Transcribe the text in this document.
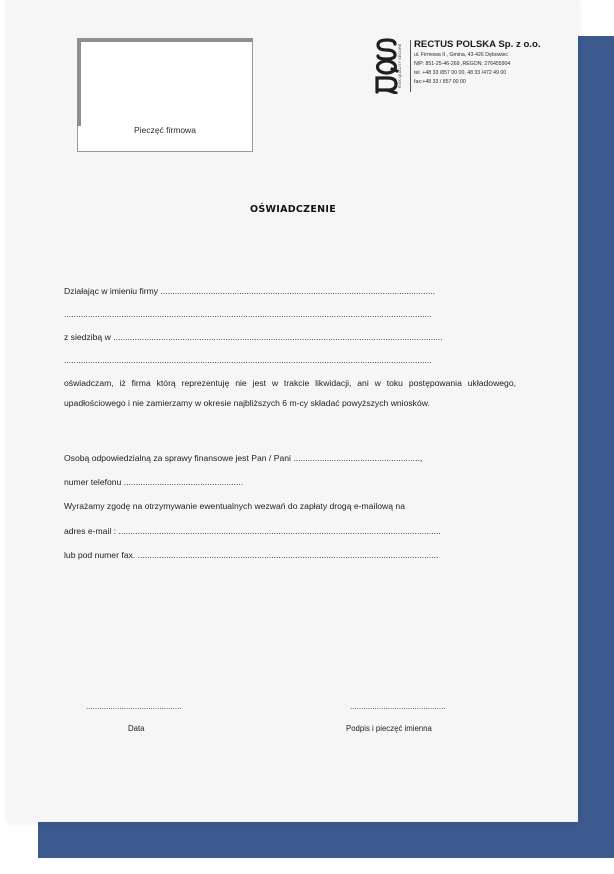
Pieczęć firmowa
RISK QUALITY SECURE	RECTUS POLSKA Sp. z o.o.
ul. Firmowa II , Gmina, 43-426 Dębowiec
NIP: 851-25-46-269 ,REGON: 276455904
tel. +48 33 /857 00 00, 48 33 /472 49 00
fax:+48 33 / 857 00 00
OŚWIADCZENIE
Działając w imieniu firmy ...................................................................................................................
..........................................................................................................................................................
z siedzibą w ..........................................................................................................................................
..........................................................................................................................................................
oświadczam, iż firma którą reprezentuję nie jest w trakcie likwidacji, ani w toku postępowania układowego, upadłościowego i nie zamierzamy w okresie najbliższych 6 m-cy składać powyższych wniosków.
Osobą odpowiedzialną za sprawy finansowe jest Pan / Pani .....................................................,
numer telefonu ..................................................
Wyrażamy zgodę na otrzymywanie ewentualnych wezwań do zapłaty drogą e-mailową na
adres e-mail : .......................................................................................................................................
lub pod numer fax. ..............................................................................................................................
...........................................
Data
...........................................
Podpis i pieczęć imienna
